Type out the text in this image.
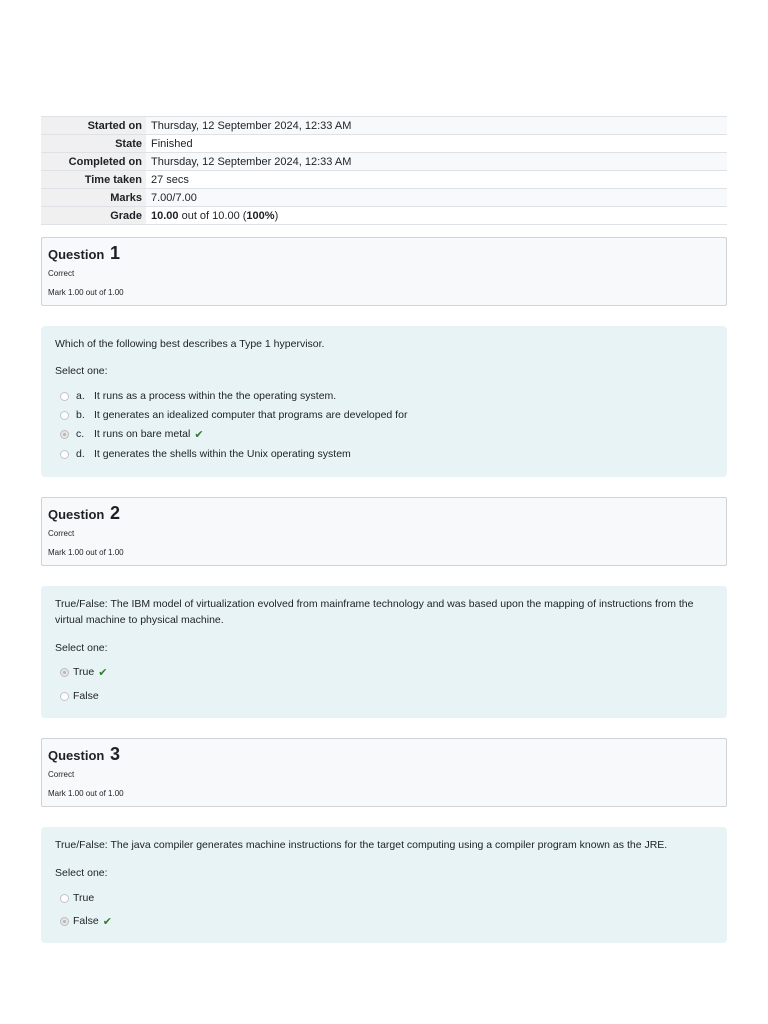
Started on	Thursday, 12 September 2024, 12:33 AM
State	Finished
Completed on	Thursday, 12 September 2024, 12:33 AM
Time taken	27 secs
Marks	7.00/7.00
Grade	10.00 out of 10.00 (100%)
Question 1
Correct
Mark 1.00 out of 1.00
Which of the following best describes a Type 1 hypervisor.
Select one:
a. It runs as a process within the the operating system.
b. It generates an idealized computer that programs are developed for
c. It runs on bare metal ✔
d. It generates the shells within the Unix operating system
Question 2
Correct
Mark 1.00 out of 1.00
True/False: The IBM model of virtualization evolved from mainframe technology and was based upon the mapping of instructions from the virtual machine to physical machine.
Select one:
True ✔
False
Question 3
Correct
Mark 1.00 out of 1.00
True/False: The java compiler generates machine instructions for the target computing using a compiler program known as the JRE.
Select one:
True
False ✔
